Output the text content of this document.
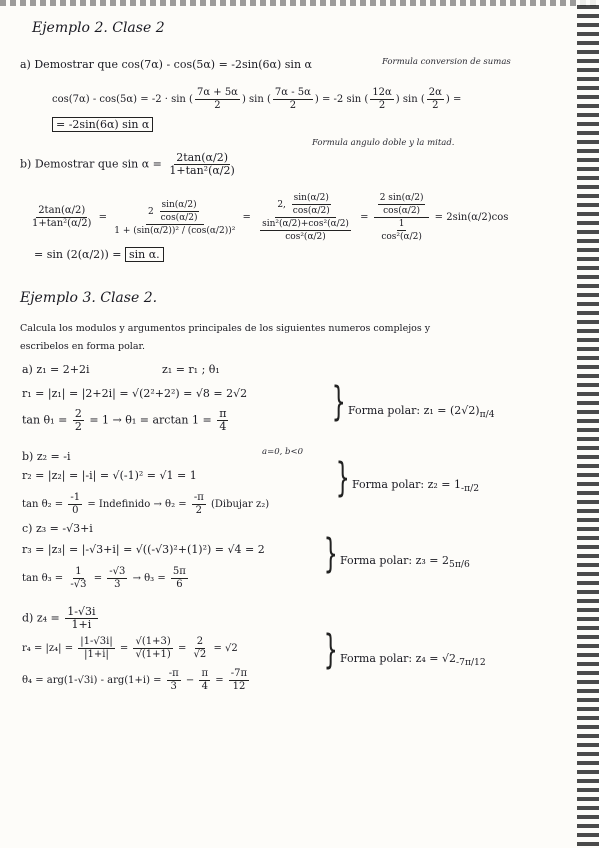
Ejemplo 2. Clase 2
a) Demostrar que cos(7α) - cos(5α) = -2sin(6α) sin α	Formula conversion de sumas
cos(7α) - cos(5α) = -2 · sin ( $\frac{7\alpha + 5\alpha}{2}$ ) sin ( $\frac{7\alpha - 5\alpha}{2}$ ) = -2 sin ( $\frac{12\alpha}{2}$ ) sin ( $\frac{2\alpha}{2}$ ) =
= -2sin(6α) sin α
b) Demostrar que $\sin \alpha = \frac{2\tan(\alpha/2)}{\text{1+tan²(α/2)}}$
Formula angulo doble y la mitad.
$\frac{2\tan(\alpha/2)}{\text{1+tan²(α/2)}} = \frac{2 \frac{\sin(\alpha/2)}{\cos(\alpha/2)}}{\text{1 + (sin(α/2))² / (cos(α/2))²}} = \frac{2, \frac{\sin(\alpha/2)}{\cos(\alpha/2)}}{\frac{\text{sin²(α/2)+cos²(α/2)}}{\text{cos²(α/2)}}} = \frac{\frac{2 \sin(\alpha/2)}{\cos(\alpha/2)}}{\frac{1}{\text{cos²(α/2)}}} = 2\sin(\alpha/2)\cos$
= sin (2(α/2)) = sin α.
Ejemplo 3. Clase 2.
Calcula los modulos y argumentos principales de los siguientes numeros complejos y
escribelos en forma polar.
a) z₁ = 2+2i	z₁ = r₁ ; θ₁
r₁ = |z₁| = |2+2i| = √(2²+2²) = √8 = 2√2
$\tan \theta_1 = \frac{2}{2} = 1 \to \theta_1 = \arctan 1 = \frac{\pi}{4}$	} Forma polar: $z_1 = (2√2)_{\pi/4}$
b) z₂ = -i	a=0, b<0
r₂ = |z₂| = |-i| = √(-1)² = √1 = 1
$\tan \theta_2 = \frac{-1}{0}$ = Indefinido → $\theta_2 = \frac{-\pi}{2}$ (Dibujar z₂)
} Forma polar: $z_2 = 1_{-\pi/2}$
c) z₃ = -√3+i
r₃ = |z₃| = |-√3+i| = √((-√3)²+(1)²) = √4 = 2
$\tan \theta_3 = \frac{1}{-√3} = \frac{-√3}{3} \to \theta_3 = \frac{5\pi}{6}$
} Forma polar: $z_3 = 2_{5\pi/6}$
d) $z_4 = \frac{1-√3i}{1+i}$
$r_4 = |z_4| = \frac{|1-√3i|}{|1+i|} = \frac{√(1+3)}{√(1+1)} = \frac{2}{√2} = √2$
$\theta_4 = arg(1-√3i) - arg(1+i) = \frac{-\pi}{3} - \frac{\pi}{4} = \frac{-7\pi}{12}$
} Forma polar: $z_4 = √2_{-7\pi/12}$
